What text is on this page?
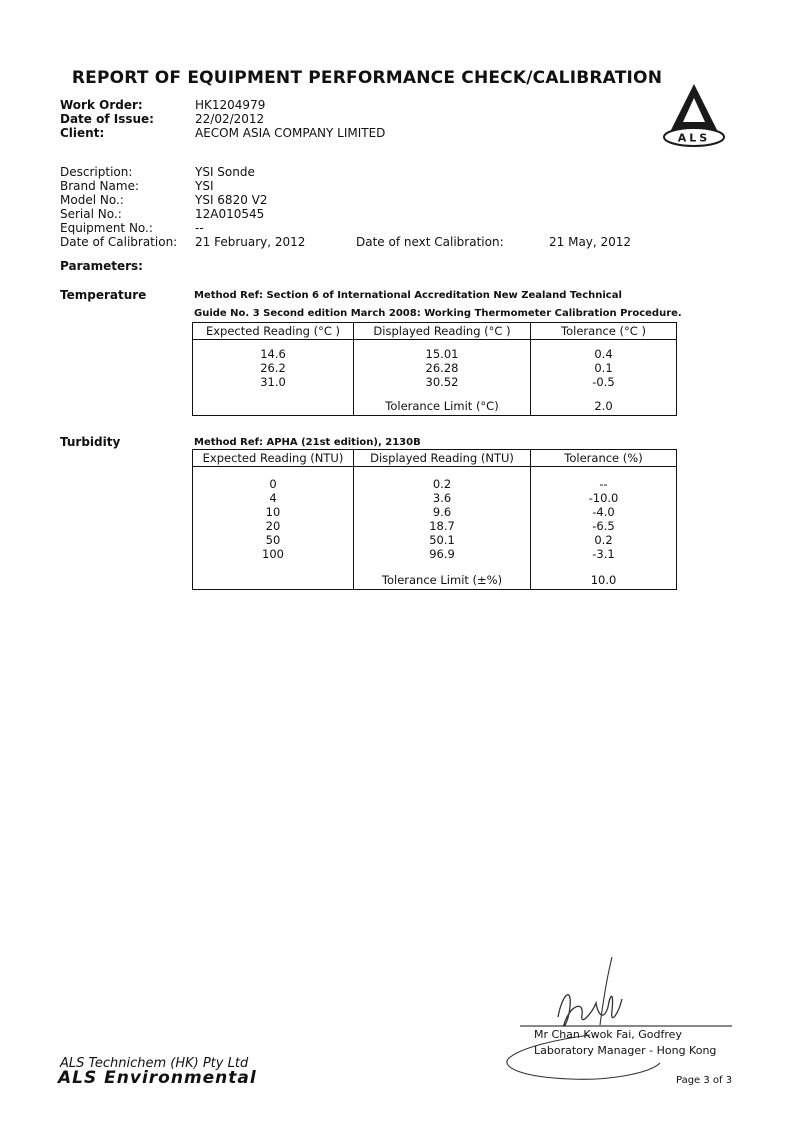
REPORT OF EQUIPMENT PERFORMANCE CHECK/CALIBRATION
ALS
Work Order:	HK1204979
Date of Issue:	22/02/2012
Client:	AECOM ASIA COMPANY LIMITED
Description:	YSI Sonde
Brand Name:	YSI
Model No.:	YSI 6820 V2
Serial No.:	12A010545
Equipment No.:	--
Date of Calibration: 21 February, 2012	Date of next Calibration:	21 May, 2012
Parameters:
Temperature	Method Ref: Section 6 of International Accreditation New Zealand Technical
Guide No. 3 Second edition March 2008: Working Thermometer Calibration Procedure.
Expected Reading (°C )	Displayed Reading (°C )	Tolerance (°C )

14.6	15.01	0.4
26.2	26.28	0.1
31.0	30.52	-0.5

	Tolerance Limit (°C)	2.0
Turbidity	Method Ref: APHA (21st edition), 2130B
Expected Reading (NTU)	Displayed Reading (NTU)	Tolerance (%)

0	0.2	--
4	3.6	-10.0
10	9.6	-4.0
20	18.7	-6.5
50	50.1	0.2
100	96.9	-3.1

	Tolerance Limit (±%)	10.0
Mr Chan Kwok Fai, Godfrey
Laboratory Manager - Hong Kong
ALS Technichem (HK) Pty Ltd
ALS Environmental	Page 3 of 3
